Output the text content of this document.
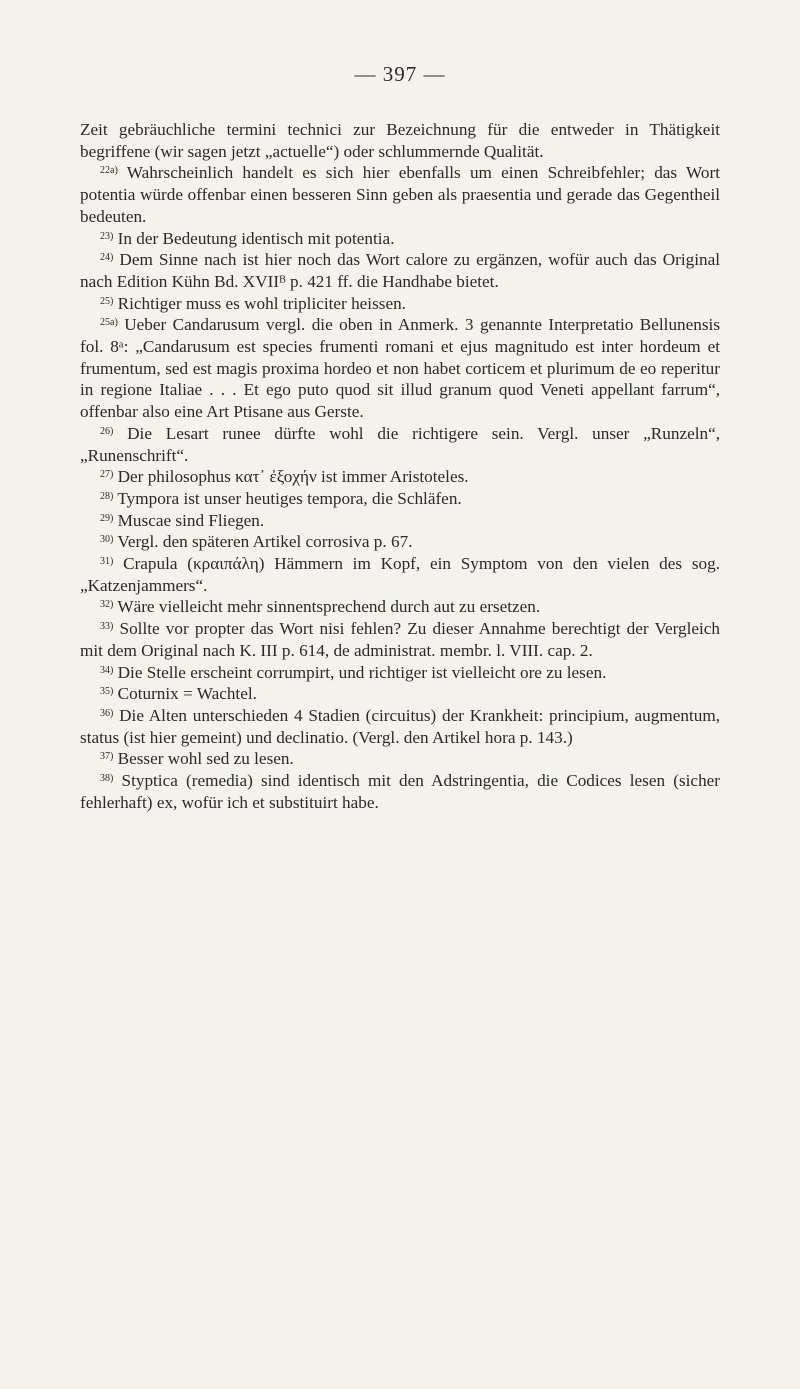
— 397 —

Zeit gebräuchliche termini technici zur Bezeichnung für die entweder in Thätigkeit begriffene (wir sagen jetzt „actuelle“) oder schlummernde Qualität.

$^{22a)}$ Wahrscheinlich handelt es sich hier ebenfalls um einen Schreibfehler; das Wort potentia würde offenbar einen besseren Sinn geben als praesentia und gerade das Gegentheil bedeuten.

$^{23)}$ In der Bedeutung identisch mit potentia.

$^{24)}$ Dem Sinne nach ist hier noch das Wort calore zu ergänzen, wofür auch das Original nach Edition Kühn Bd. XVIIᴮ p. 421 ff. die Handhabe bietet.

$^{25)}$ Richtiger muss es wohl tripliciter heissen.

$^{25a)}$ Ueber Candarusum vergl. die oben in Anmerk. 3 genannte Interpretatio Bellunensis fol. 8ᵃ: „Candarusum est species frumenti romani et ejus magnitudo est inter hordeum et frumentum, sed est magis proxima hordeo et non habet corticem et plurimum de eo reperitur in regione Italiae . . . Et ego puto quod sit illud granum quod Veneti appellant farrum“, offenbar also eine Art Ptisane aus Gerste.

$^{26)}$ Die Lesart runee dürfte wohl die richtigere sein. Vergl. unser „Runzeln“, „Runenschrift“.

$^{27)}$ Der philosophus κατ᾽ ἐξοχήν ist immer Aristoteles.

$^{28)}$ Tympora ist unser heutiges tempora, die Schläfen.

$^{29)}$ Muscae sind Fliegen.

$^{30)}$ Vergl. den späteren Artikel corrosiva p. 67.

$^{31)}$ Crapula (κραιπάλη) Hämmern im Kopf, ein Symptom von den vielen des sog. „Katzenjammers“.

$^{32)}$ Wäre vielleicht mehr sinnentsprechend durch aut zu ersetzen.

$^{33)}$ Sollte vor propter das Wort nisi fehlen? Zu dieser Annahme berechtigt der Vergleich mit dem Original nach K. III p. 614, de administrat. membr. l. VIII. cap. 2.

$^{34)}$ Die Stelle erscheint corrumpirt, und richtiger ist vielleicht ore zu lesen.

$^{35)}$ Coturnix = Wachtel.

$^{36)}$ Die Alten unterschieden 4 Stadien (circuitus) der Krankheit: principium, augmentum, status (ist hier gemeint) und declinatio. (Vergl. den Artikel hora p. 143.)

$^{37)}$ Besser wohl sed zu lesen.

$^{38)}$ Styptica (remedia) sind identisch mit den Adstringentia, die Codices lesen (sicher fehlerhaft) ex, wofür ich et substituirt habe.
